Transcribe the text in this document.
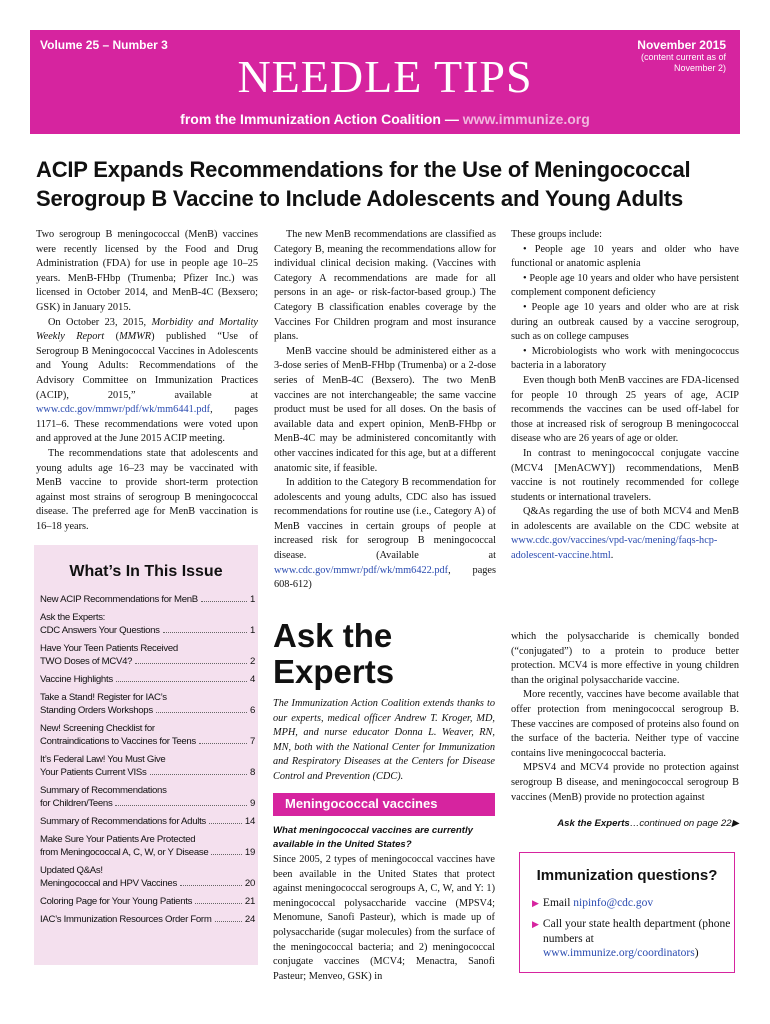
Volume 25 – Number 3	November 2015
(content current as of November 2)
NEEDLE TIPS
from the Immunization Action Coalition — www.immunize.org
ACIP Expands Recommendations for the Use of Meningococcal Serogroup B Vaccine to Include Adolescents and Young Adults

Two serogroup B meningococcal (MenB) vaccines were recently licensed by the Food and Drug Administration (FDA) for use in people age 10–25 years. MenB-FHbp (Trumenba; Pfizer Inc.) was licensed in October 2014, and MenB-4C (Bexsero; GSK) in January 2015.

On October 23, 2015, Morbidity and Mortality Weekly Report (MMWR) published “Use of Serogroup B Meningococcal Vaccines in Adolescents and Young Adults: Recommendations of the Advisory Committee on Immunization Practices (ACIP), 2015,” available at www.cdc.gov/mmwr/pdf/wk/mm6441.pdf, pages 1171–6. These recommendations were voted upon and approved at the June 2015 ACIP meeting.

The recommendations state that adolescents and young adults age 16–23 may be vaccinated with MenB vaccine to provide short-term protection against most strains of serogroup B meningococcal disease. The preferred age for MenB vaccination is 16–18 years.

The new MenB recommendations are classified as Category B, meaning the recommendations allow for individual clinical decision making. (Vaccines with Category A recommendations are made for all persons in an age- or risk-factor-based group.) The Category B classification enables coverage by the Vaccines For Children program and most insurance plans.

MenB vaccine should be administered either as a 3-dose series of MenB-FHbp (Trumenba) or a 2-dose series of MenB-4C (Bexsero). The two MenB vaccines are not interchangeable; the same vaccine product must be used for all doses. On the basis of available data and expert opinion, MenB-FHbp or MenB-4C may be administered concomitantly with other vaccines indicated for this age, but at a different anatomic site, if feasible.

In addition to the Category B recommendation for adolescents and young adults, CDC also has issued recommendations for routine use (i.e., Category A) of MenB vaccines in certain groups of people at increased risk for serogroup B meningococcal disease. (Available at www.cdc.gov/mmwr/pdf/wk/mm6422.pdf, pages 608-612)

These groups include:

• People age 10 years and older who have functional or anatomic asplenia

• People age 10 years and older who have persistent complement component deficiency

• People age 10 years and older who are at risk during an outbreak caused by a vaccine serogroup, such as on college campuses

• Microbiologists who work with meningococcus bacteria in a laboratory

Even though both MenB vaccines are FDA-licensed for people 10 through 25 years of age, ACIP recommends the vaccines can be used off-label for those at increased risk of serogroup B meningococcal disease who are 26 years of age or older.

In contrast to meningococcal conjugate vaccine (MCV4 [MenACWY]) recommendations, MenB vaccine is not routinely recommended for college students or international travelers.

Q&As regarding the use of both MCV4 and MenB in adolescents are available on the CDC website at www.cdc.gov/vaccines/vpd-vac/mening/faqs-hcp-adolescent-vaccine.html.

What’s In This Issue
New ACIP Recommendations for MenB	1
Ask the Experts:
CDC Answers Your Questions	1
Have Your Teen Patients Received
TWO Doses of MCV4?	2
Vaccine Highlights	4
Take a Stand! Register for IAC’s
Standing Orders Workshops	6
New! Screening Checklist for
Contraindications to Vaccines for Teens	7
It’s Federal Law! You Must Give
Your Patients Current VISs	8
Summary of Recommendations
for Children/Teens	9
Summary of Recommendations for Adults	14
Make Sure Your Patients Are Protected
from Meningococcal A, C, W, or Y Disease	19
Updated Q&As!
Meningococcal and HPV Vaccines	20
Coloring Page for Your Young Patients	21
IAC’s Immunization Resources Order Form	24
Ask the
Experts
The Immunization Action Coalition extends thanks to our experts, medical officer Andrew T. Kroger, MD, MPH, and nurse educator Donna L. Weaver, RN, MN, both with the National Center for Immunization and Respiratory Diseases at the Centers for Disease Control and Prevention (CDC).
Meningococcal vaccines
What meningococcal vaccines are currently available in the United States?
Since 2005, 2 types of meningococcal vaccines have been available in the United States that protect against meningococcal serogroups A, C, W, and Y: 1) meningococcal polysaccharide vaccine (MPSV4; Menomune, Sanofi Pasteur), which is made up of polysaccharide (sugar molecules) from the surface of the meningococcal bacteria; and 2) meningococcal conjugate vaccines (MCV4; Menactra, Sanofi Pasteur; Menveo, GSK) in

which the polysaccharide is chemically bonded (“conjugated”) to a protein to produce better protection. MCV4 is more effective in young children than the original polysaccharide vaccine.

More recently, vaccines have become available that offer protection from meningococcal serogroup B. These vaccines are composed of proteins also found on the surface of the bacteria. Neither type of vaccine contains live meningococcal bacteria.

MPSV4 and MCV4 provide no protection against serogroup B disease, and meningococcal serogroup B vaccines (MenB) provide no protection against

Ask the Experts…continued on page 22▶
Immunization questions?
▶ Email nipinfo@cdc.gov
▶ Call your state health department (phone numbers at www.immunize.org/coordinators)
